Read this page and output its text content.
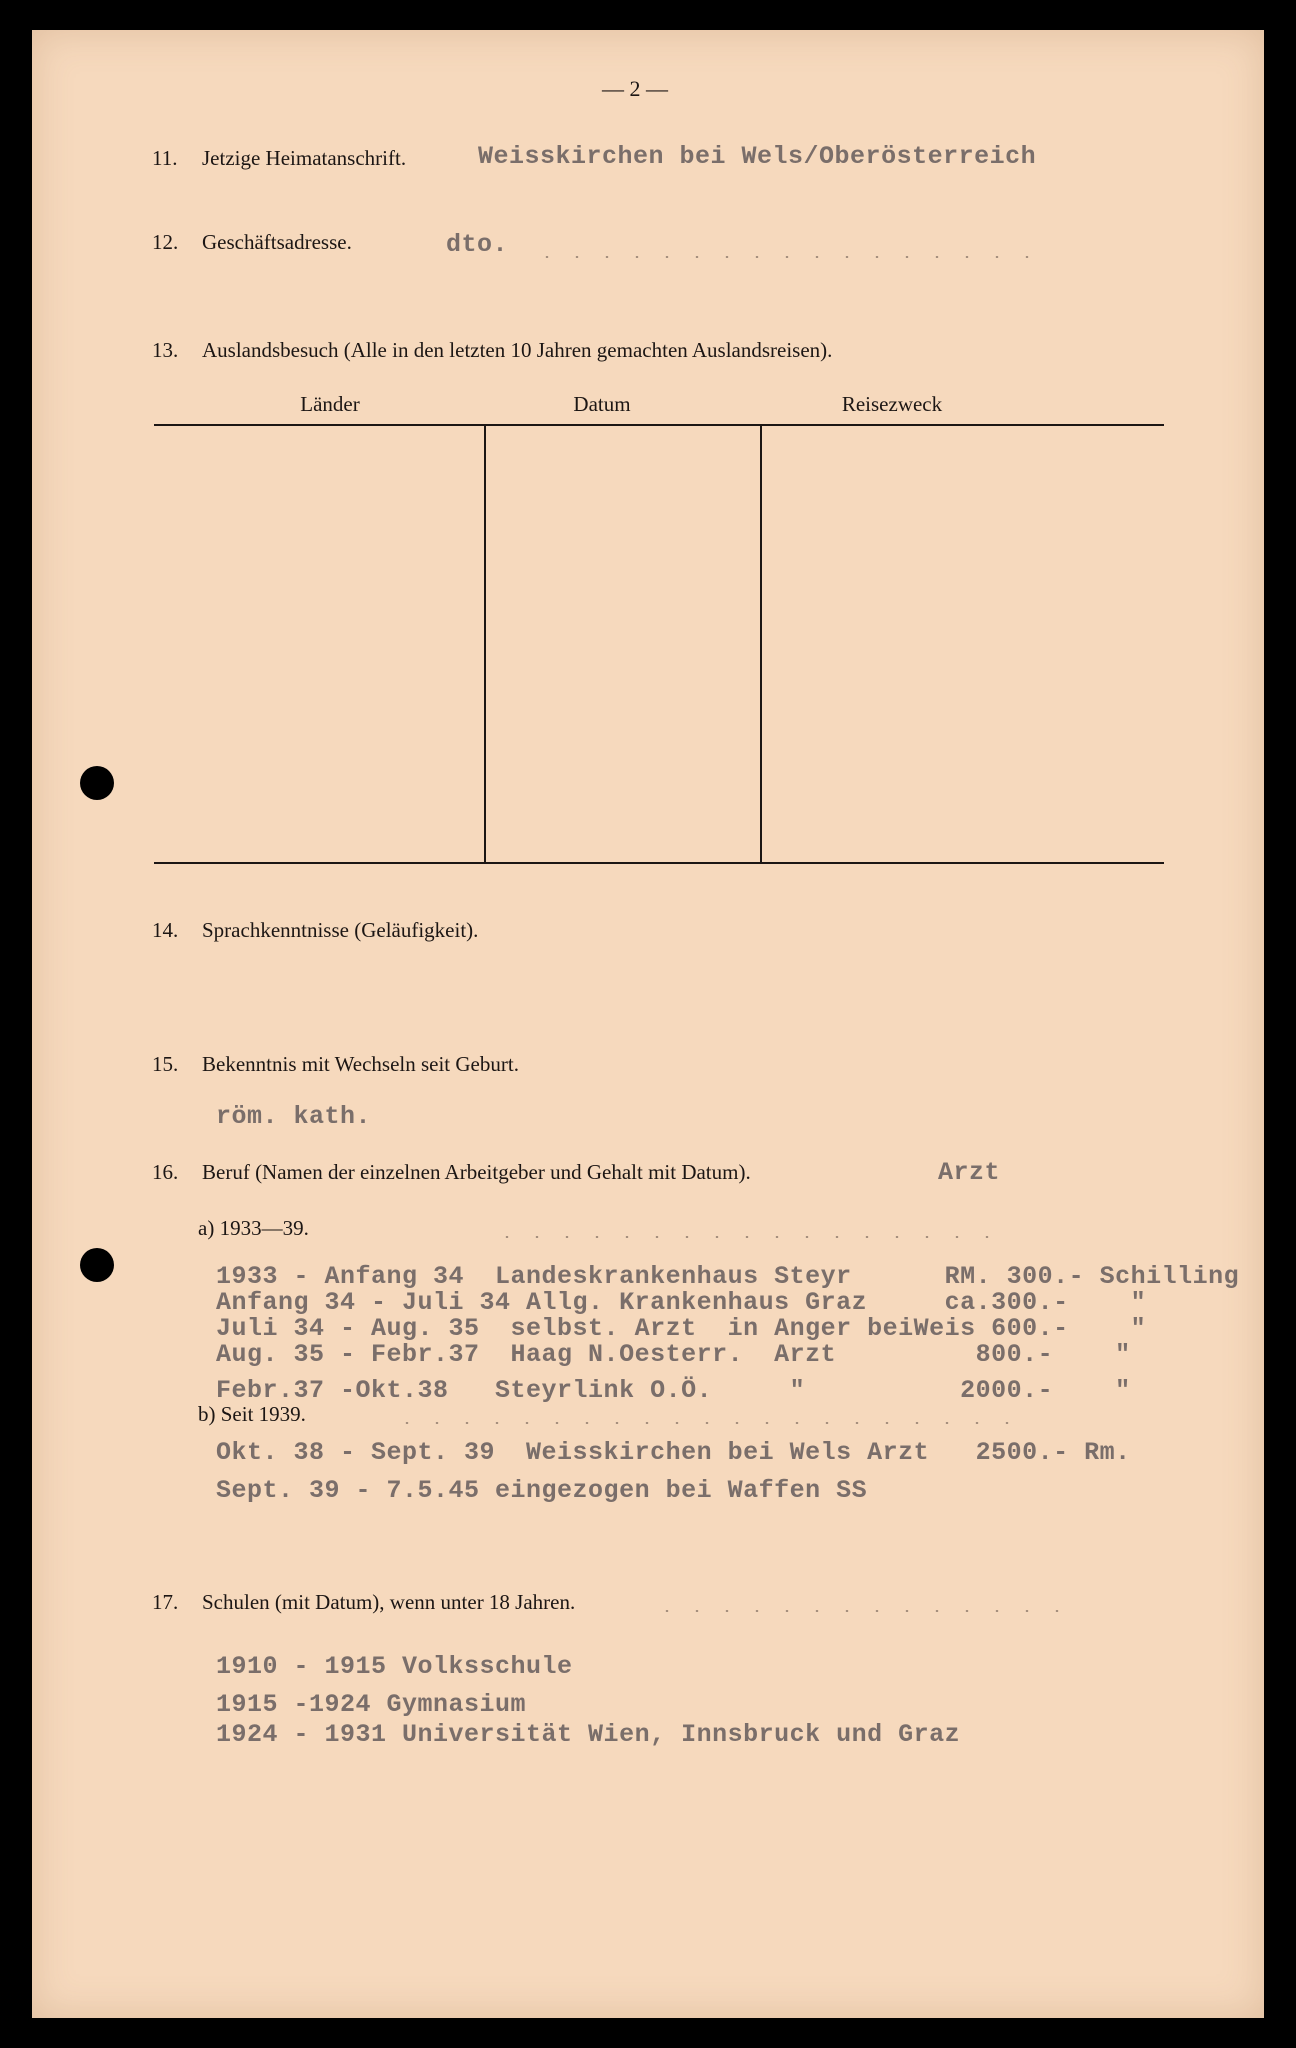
— 2 —
11. Jetzige Heimatanschrift.	Weisskirchen bei Wels/Oberösterreich
12. Geschäftsadresse.	dto.
13. Auslandsbesuch (Alle in den letzten 10 Jahren gemachten Auslandsreisen).
Länder	Datum	Reisezweck
14. Sprachkenntnisse (Geläufigkeit).
15. Bekenntnis mit Wechseln seit Geburt.
röm. kath.
16. Beruf (Namen der einzelnen Arbeitgeber und Gehalt mit Datum).	Arzt
a) 1933—39.
1933 - Anfang 34  Landeskrankenhaus Steyr      RM. 300.- Schilling
Anfang 34 - Juli 34 Allg. Krankenhaus Graz     ca.300.-    "
Juli 34 - Aug. 35  selbst. Arzt  in Anger beiWeis 600.-    "
Aug. 35 - Febr.37  Haag N.Oesterr.  Arzt         800.-    "
Febr.37 -Okt.38   Steyrlink O.Ö.     "          2000.-    "
b) Seit 1939.
Okt. 38 - Sept. 39  Weisskirchen bei Wels Arzt   2500.- Rm.
Sept. 39 - 7.5.45 eingezogen bei Waffen SS
17. Schulen (mit Datum), wenn unter 18 Jahren.
1910 - 1915 Volksschule
1915 -1924 Gymnasium
1924 - 1931 Universität Wien, Innsbruck und Graz
